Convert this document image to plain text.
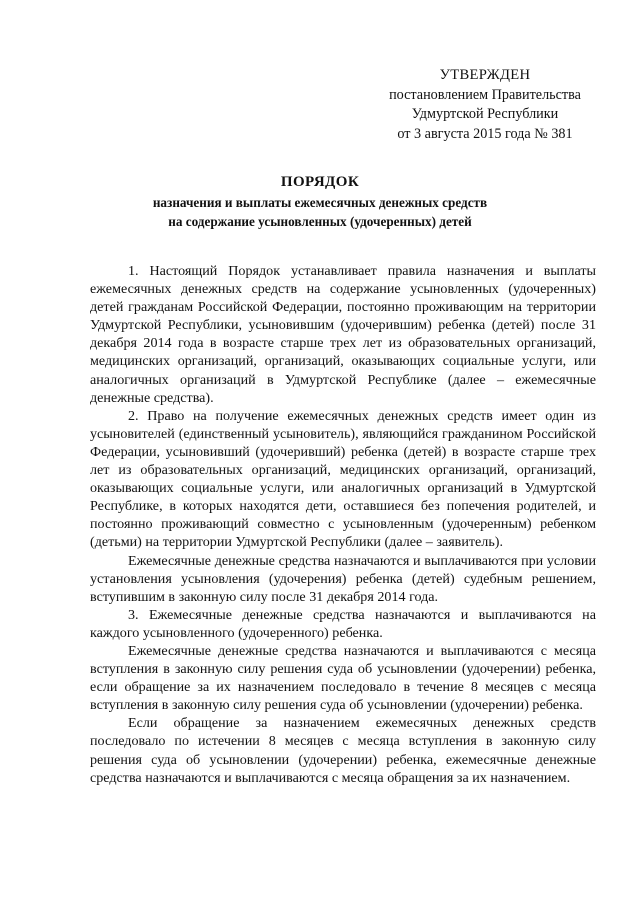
УТВЕРЖДЕН
постановлением Правительства
Удмуртской Республики
от 3 августа 2015 года № 381
ПОРЯДОК
назначения и выплаты ежемесячных денежных средств
на содержание усыновленных (удочеренных) детей

1. Настоящий Порядок устанавливает правила назначения и выплаты ежемесячных денежных средств на содержание усыновленных (удочеренных) детей гражданам Российской Федерации, постоянно проживающим на территории Удмуртской Республики, усыновившим (удочерившим) ребенка (детей) после 31 декабря 2014 года в возрасте старше трех лет из образовательных организаций, медицинских организаций, организаций, оказывающих социальные услуги, или аналогичных организаций в Удмуртской Республике (далее – ежемесячные денежные средства).

2. Право на получение ежемесячных денежных средств имеет один из усыновителей (единственный усыновитель), являющийся гражданином Российской Федерации, усыновивший (удочеривший) ребенка (детей) в возрасте старше трех лет из образовательных организаций, медицинских организаций, организаций, оказывающих социальные услуги, или аналогичных организаций в Удмуртской Республике, в которых находятся дети, оставшиеся без попечения родителей, и постоянно проживающий совместно с усыновленным (удочеренным) ребенком (детьми) на территории Удмуртской Республики (далее – заявитель).

Ежемесячные денежные средства назначаются и выплачиваются при условии установления усыновления (удочерения) ребенка (детей) судебным решением, вступившим в законную силу после 31 декабря 2014 года.

3. Ежемесячные денежные средства назначаются и выплачиваются на каждого усыновленного (удочеренного) ребенка.

Ежемесячные денежные средства назначаются и выплачиваются с месяца вступления в законную силу решения суда об усыновлении (удочерении) ребенка, если обращение за их назначением последовало в течение 8 месяцев с месяца вступления в законную силу решения суда об усыновлении (удочерении) ребенка.

Если обращение за назначением ежемесячных денежных средств последовало по истечении 8 месяцев с месяца вступления в законную силу решения суда об усыновлении (удочерении) ребенка, ежемесячные денежные средства назначаются и выплачиваются с месяца обращения за их назначением.
